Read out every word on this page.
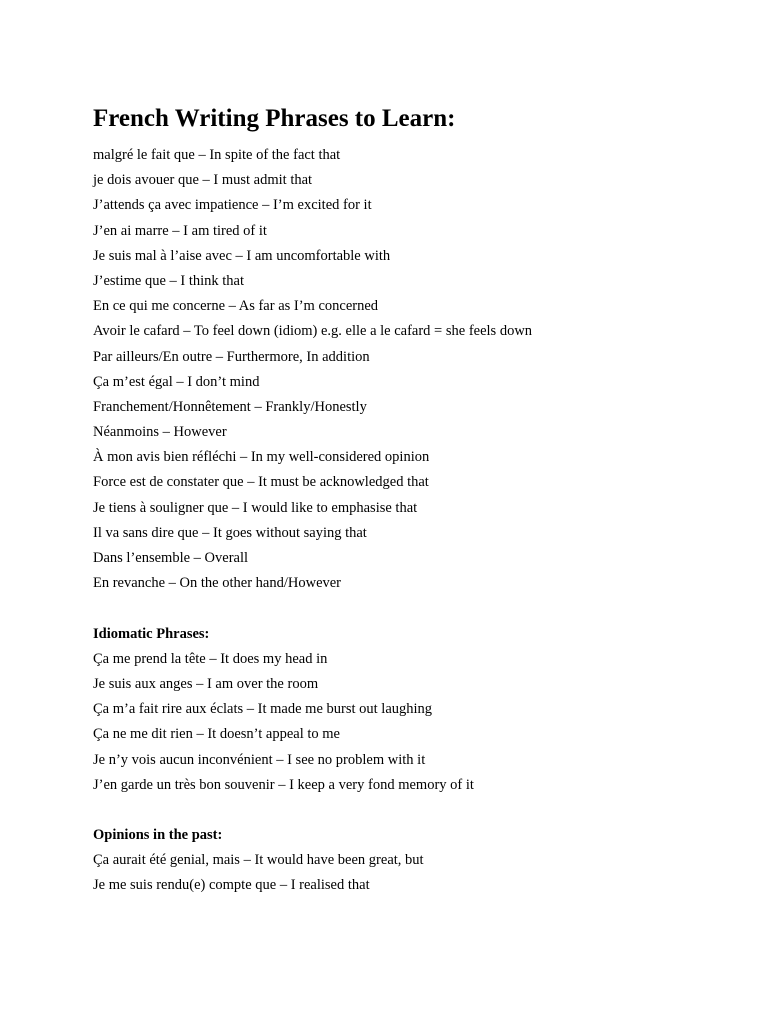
French Writing Phrases to Learn:
malgré le fait que – In spite of the fact that
je dois avouer que – I must admit that
J’attends ça avec impatience – I’m excited for it
J’en ai marre – I am tired of it
Je suis mal à l’aise avec – I am uncomfortable with
J’estime que – I think that
En ce qui me concerne – As far as I’m concerned
Avoir le cafard – To feel down (idiom) e.g. elle a le cafard = she feels down
Par ailleurs/En outre – Furthermore, In addition
Ça m’est égal – I don’t mind
Franchement/Honnêtement – Frankly/Honestly
Néanmoins – However
À mon avis bien réfléchi – In my well-considered opinion
Force est de constater que – It must be acknowledged that
Je tiens à souligner que – I would like to emphasise that
Il va sans dire que – It goes without saying that
Dans l’ensemble – Overall
En revanche – On the other hand/However
Idiomatic Phrases:
Ça me prend la tête – It does my head in
Je suis aux anges – I am over the room
Ça m’a fait rire aux éclats – It made me burst out laughing
Ça ne me dit rien – It doesn’t appeal to me
Je n’y vois aucun inconvénient – I see no problem with it
J’en garde un très bon souvenir – I keep a very fond memory of it
Opinions in the past:
Ça aurait été genial, mais – It would have been great, but
Je me suis rendu(e) compte que – I realised that
